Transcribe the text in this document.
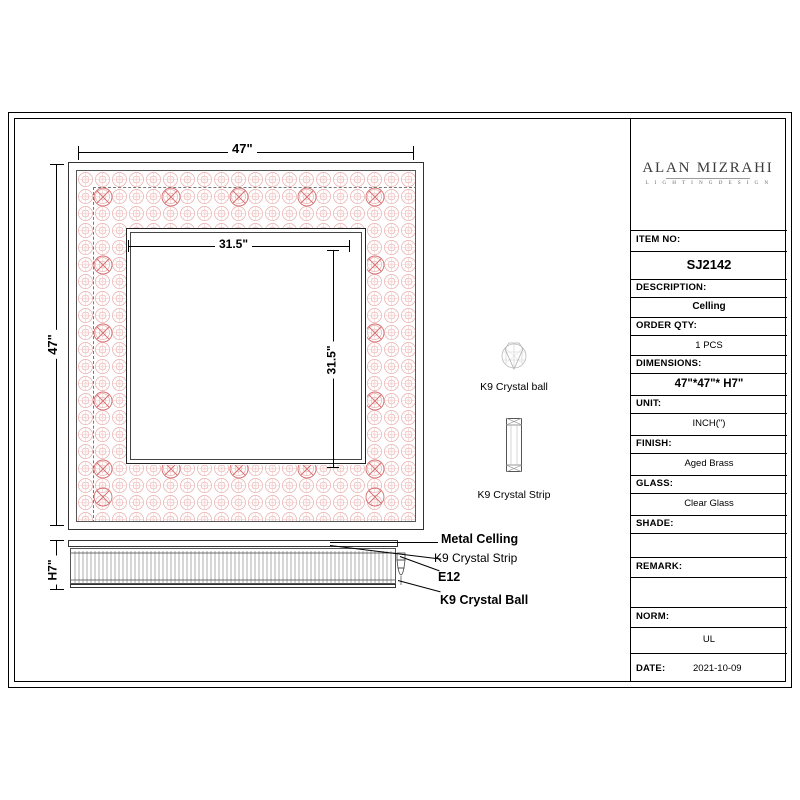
47"
47"
31.5"
31.5"
H7"
Metal Celling
K9 Crystal Strip
E12
K9 Crystal Ball
K9 Crystal ball
K9 Crystal Strip
ALAN MIZRAHI
L I G H T I N G D E S I G N
ITEM NO:
SJ2142
DESCRIPTION:
Celling
ORDER QTY:
1 PCS
DIMENSIONS:
47"*47"* H7"
UNIT:
INCH(")
FINISH:
Aged Brass
GLASS:
Clear Glass
SHADE:
REMARK:
NORM:
UL
DATE:	2021-10-09
